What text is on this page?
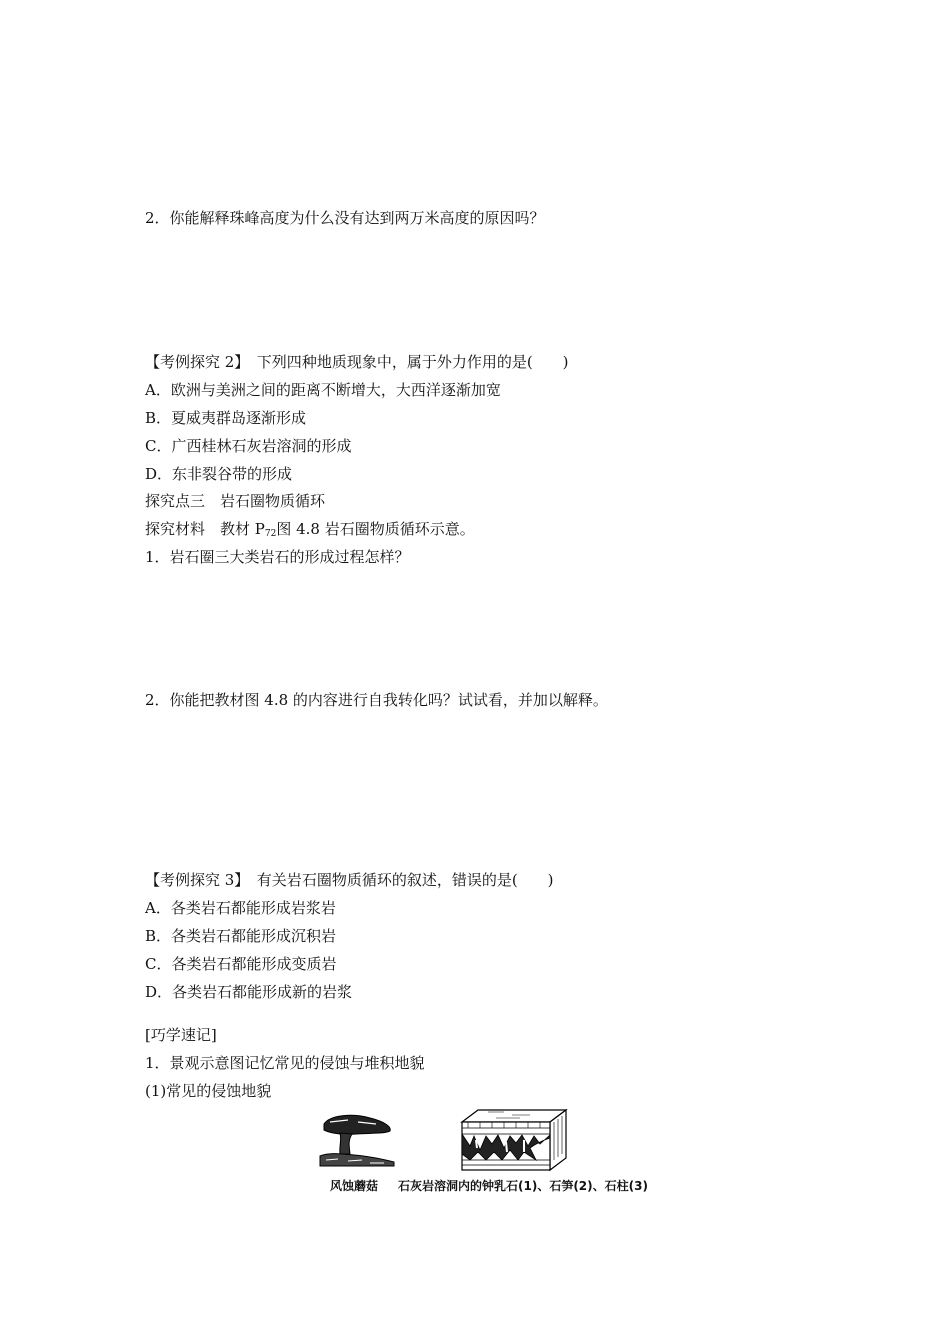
2．你能解释珠峰高度为什么没有达到两万米高度的原因吗？
【考例探究 2】　下列四种地质现象中，属于外力作用的是(　　)
A．欧洲与美洲之间的距离不断增大，大西洋逐渐加宽
B．夏威夷群岛逐渐形成
C．广西桂林石灰岩溶洞的形成
D．东非裂谷带的形成
探究点三　岩石圈物质循环
探究材料　教材 $P_{72}$图 4.8 岩石圈物质循环示意。
1．岩石圈三大类岩石的形成过程怎样？
2．你能把教材图 4.8 的内容进行自我转化吗？试试看，并加以解释。
【考例探究 3】　有关岩石圈物质循环的叙述，错误的是(　　)
A．各类岩石都能形成岩浆岩
B．各类岩石都能形成沉积岩
C．各类岩石都能形成变质岩
D．各类岩石都能形成新的岩浆
[巧学速记]
1．景观示意图记忆常见的侵蚀与堆积地貌
(1)常见的侵蚀地貌
风蚀蘑菇 石灰岩溶洞内的钟乳石(1)、石笋(2)、石柱(3)
